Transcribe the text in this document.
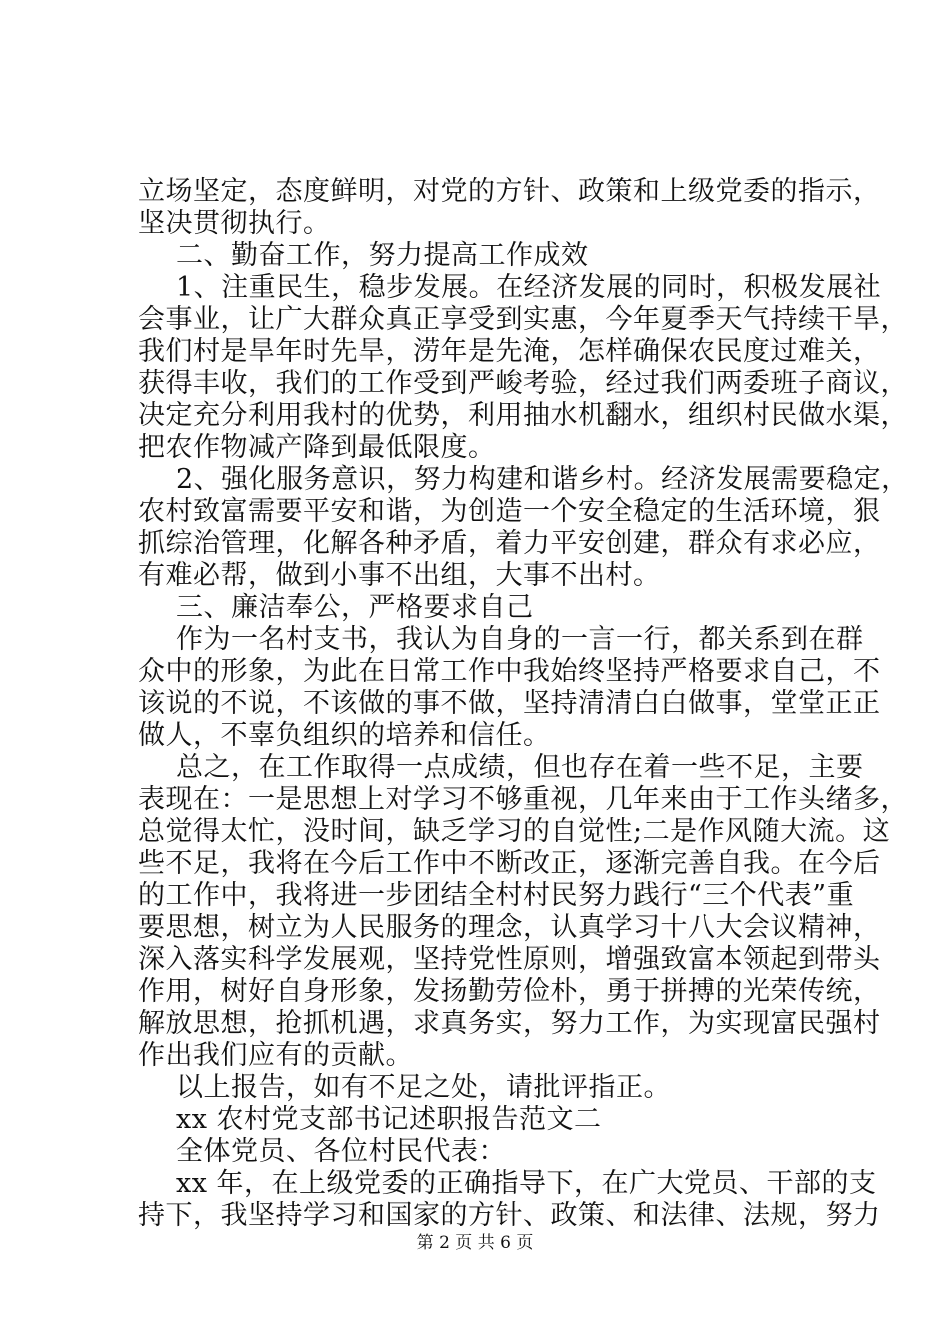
立场坚定，态度鲜明，对党的方针、政策和上级党委的指示，
坚决贯彻执行。
二、勤奋工作，努力提高工作成效
1、注重民生，稳步发展。在经济发展的同时，积极发展社
会事业，让广大群众真正享受到实惠，今年夏季天气持续干旱，
我们村是旱年时先旱，涝年是先淹，怎样确保农民度过难关，
获得丰收，我们的工作受到严峻考验，经过我们两委班子商议，
决定充分利用我村的优势，利用抽水机翻水，组织村民做水渠，
把农作物减产降到最低限度。
2、强化服务意识，努力构建和谐乡村。经济发展需要稳定，
农村致富需要平安和谐，为创造一个安全稳定的生活环境，狠
抓综治管理，化解各种矛盾，着力平安创建，群众有求必应，
有难必帮，做到小事不出组，大事不出村。
三、廉洁奉公，严格要求自己
作为一名村支书，我认为自身的一言一行，都关系到在群
众中的形象，为此在日常工作中我始终坚持严格要求自己，不
该说的不说，不该做的事不做，坚持清清白白做事，堂堂正正
做人，不辜负组织的培养和信任。
总之，在工作取得一点成绩，但也存在着一些不足，主要
表现在：一是思想上对学习不够重视，几年来由于工作头绪多，
总觉得太忙，没时间，缺乏学习的自觉性;二是作风随大流。这
些不足，我将在今后工作中不断改正，逐渐完善自我。在今后
的工作中，我将进一步团结全村村民努力践行“三个代表”重
要思想，树立为人民服务的理念，认真学习十八大会议精神，
深入落实科学发展观，坚持党性原则，增强致富本领起到带头
作用，树好自身形象，发扬勤劳俭朴，勇于拼搏的光荣传统，
解放思想，抢抓机遇，求真务实，努力工作，为实现富民强村
作出我们应有的贡献。
以上报告，如有不足之处，请批评指正。
xx 农村党支部书记述职报告范文二
全体党员、各位村民代表：
xx 年，在上级党委的正确指导下，在广大党员、干部的支
持下，我坚持学习和国家的方针、政策、和法律、法规，努力
第 2 页 共 6 页
